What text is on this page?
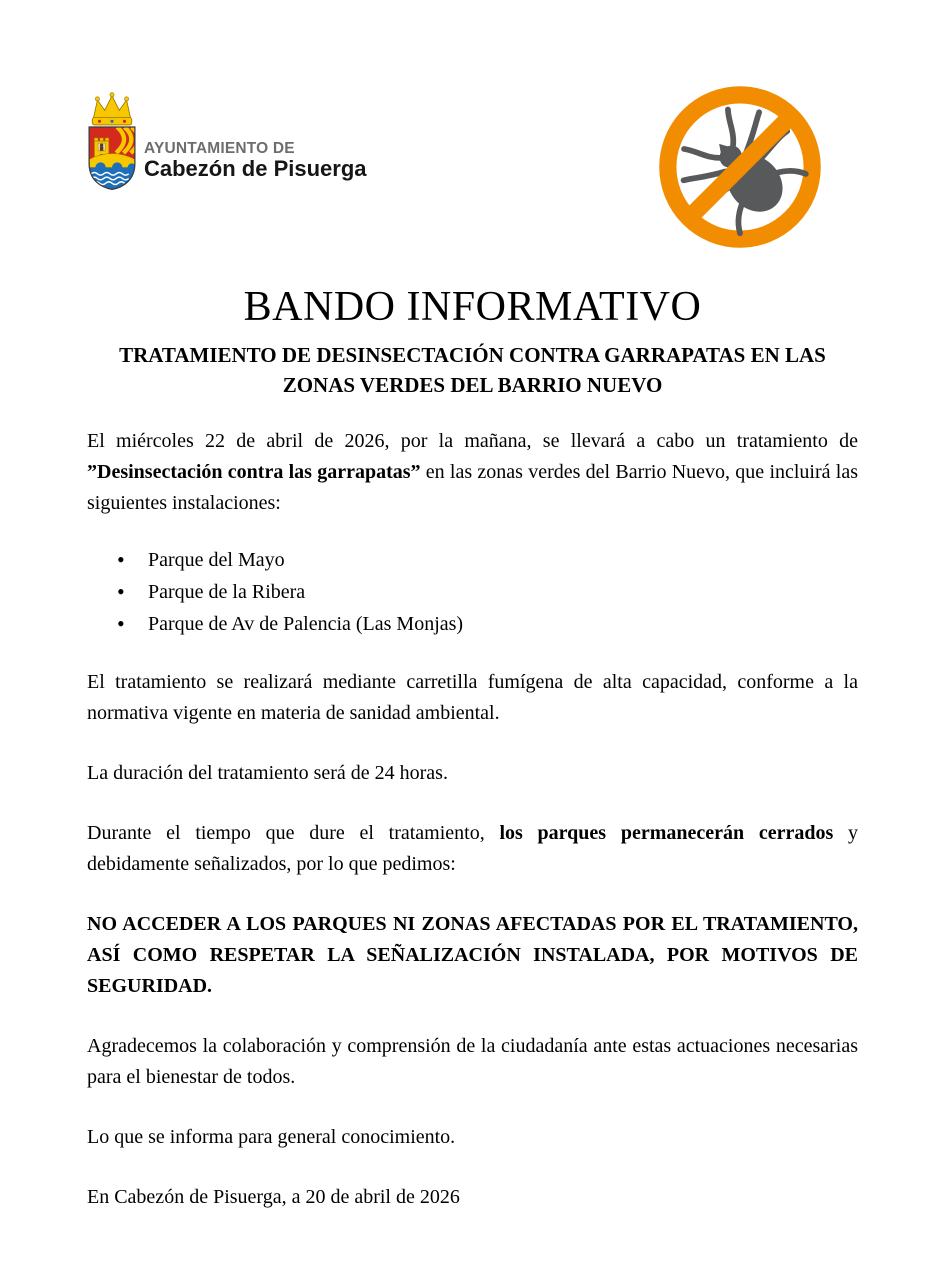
AYUNTAMIENTO DE
Cabezón de Pisuerga
BANDO INFORMATIVO
TRATAMIENTO DE DESINSECTACIÓN CONTRA GARRAPATAS EN LAS ZONAS VERDES DEL BARRIO NUEVO

El miércoles 22 de abril de 2026, por la mañana, se llevará a cabo un tratamiento de ”Desinsectación contra las garrapatas” en las zonas verdes del Barrio Nuevo, que incluirá las siguientes instalaciones:

• Parque del Mayo
• Parque de la Ribera
• Parque de Av de Palencia (Las Monjas)

El tratamiento se realizará mediante carretilla fumígena de alta capacidad, conforme a la normativa vigente en materia de sanidad ambiental.

La duración del tratamiento será de 24 horas.

Durante el tiempo que dure el tratamiento, los parques permanecerán cerrados y debidamente señalizados, por lo que pedimos:

NO ACCEDER A LOS PARQUES NI ZONAS AFECTADAS POR EL TRATAMIENTO, ASÍ COMO RESPETAR LA SEÑALIZACIÓN INSTALADA, POR MOTIVOS DE SEGURIDAD.

Agradecemos la colaboración y comprensión de la ciudadanía ante estas actuaciones necesarias para el bienestar de todos.

Lo que se informa para general conocimiento.

En Cabezón de Pisuerga, a 20 de abril de 2026
